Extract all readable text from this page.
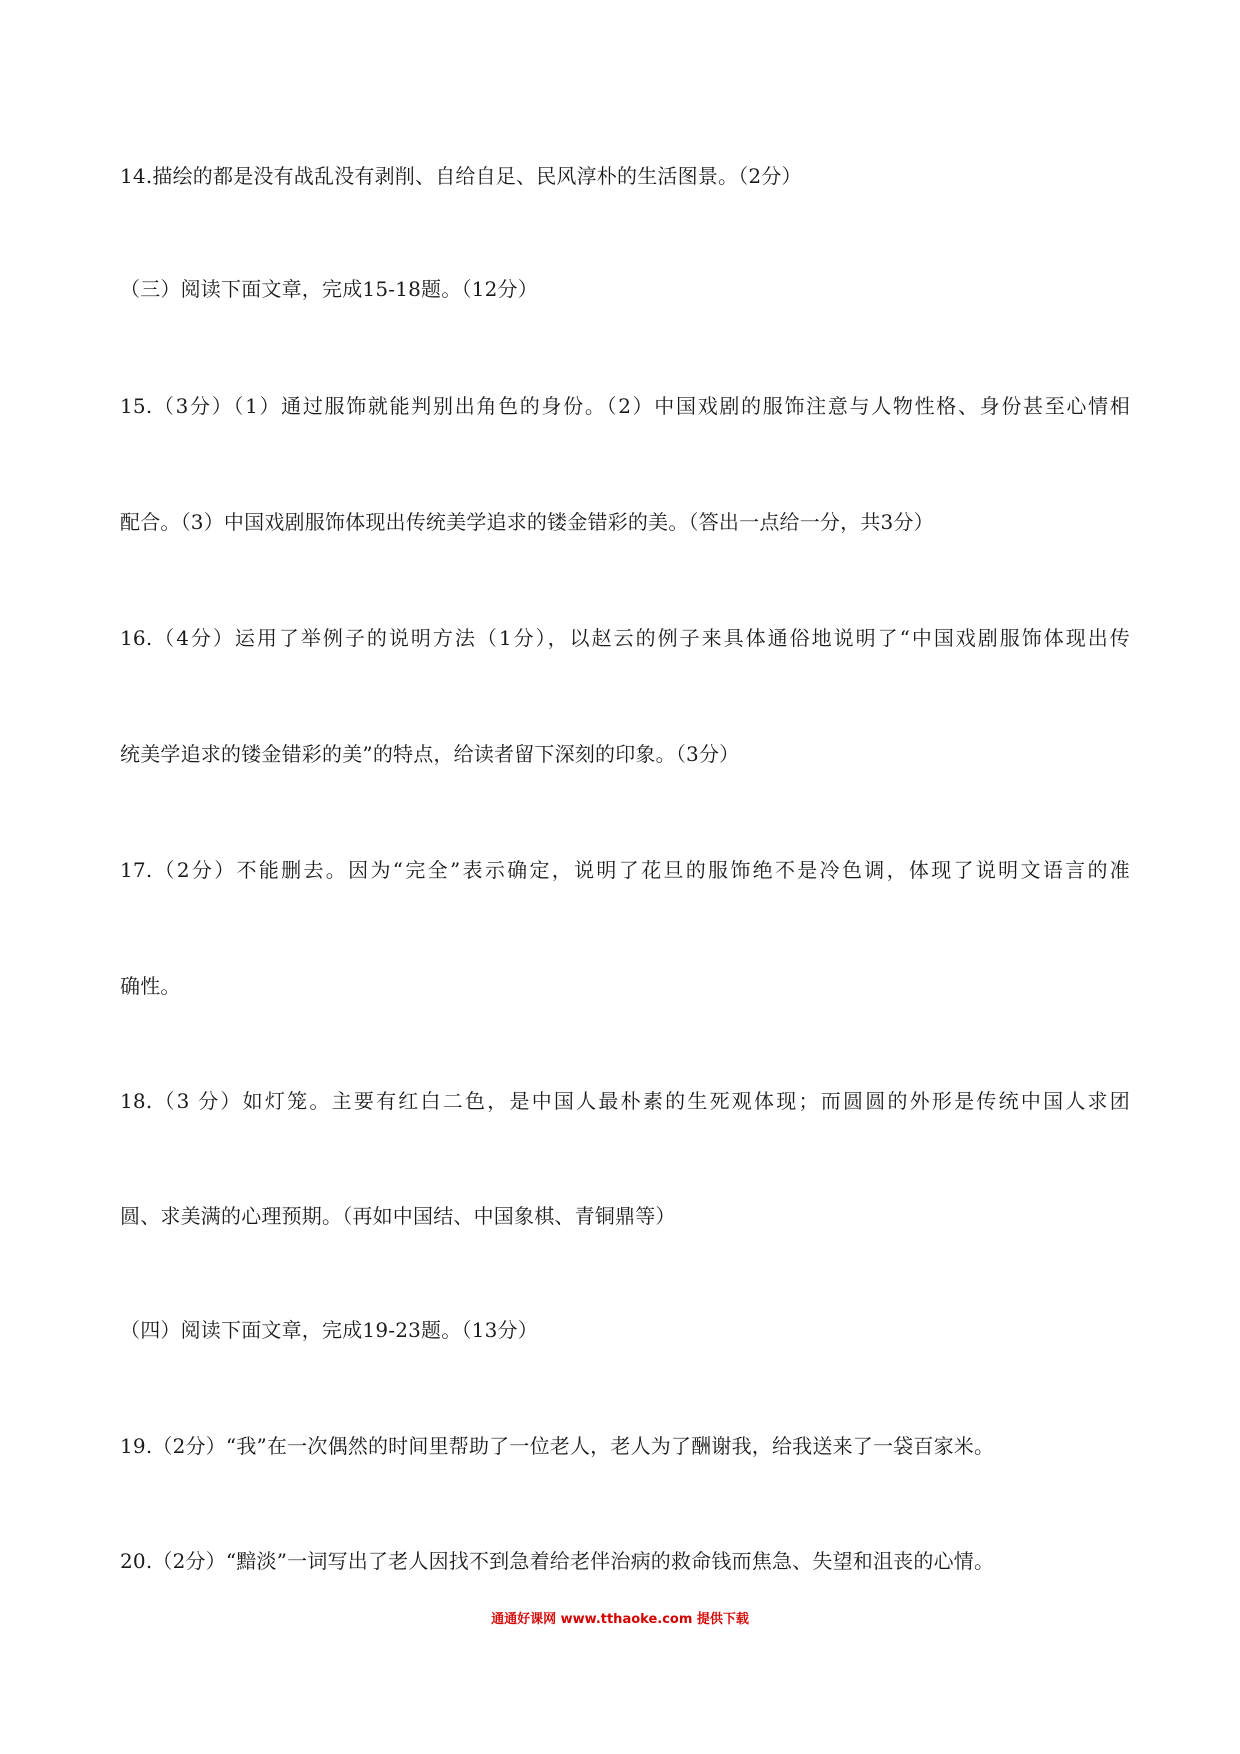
14.描绘的都是没有战乱没有剥削、自给自足、民风淳朴的生活图景。（2分）
（三）阅读下面文章，完成15-18题。（12分）
15.（3分）（1）通过服饰就能判别出角色的身份。（2）中国戏剧的服饰注意与人物性格、身份甚至心情相
配合。（3）中国戏剧服饰体现出传统美学追求的镂金错彩的美。（答出一点给一分，共3分）
16.（4分）运用了举例子的说明方法（1分），以赵云的例子来具体通俗地说明了“中国戏剧服饰体现出传
统美学追求的镂金错彩的美”的特点，给读者留下深刻的印象。（3分）
17.（2分）不能删去。因为“完全”表示确定，说明了花旦的服饰绝不是冷色调，体现了说明文语言的准
确性。
18.（3 分）如灯笼。主要有红白二色，是中国人最朴素的生死观体现；而圆圆的外形是传统中国人求团
圆、求美满的心理预期。（再如中国结、中国象棋、青铜鼎等）
（四）阅读下面文章，完成19-23题。（13分）
19.（2分）“我”在一次偶然的时间里帮助了一位老人，老人为了酬谢我，给我送来了一袋百家米。
20.（2分）“黯淡”一词写出了老人因找不到急着给老伴治病的救命钱而焦急、失望和沮丧的心情。
通通好课网 www.tthaoke.com 提供下载
